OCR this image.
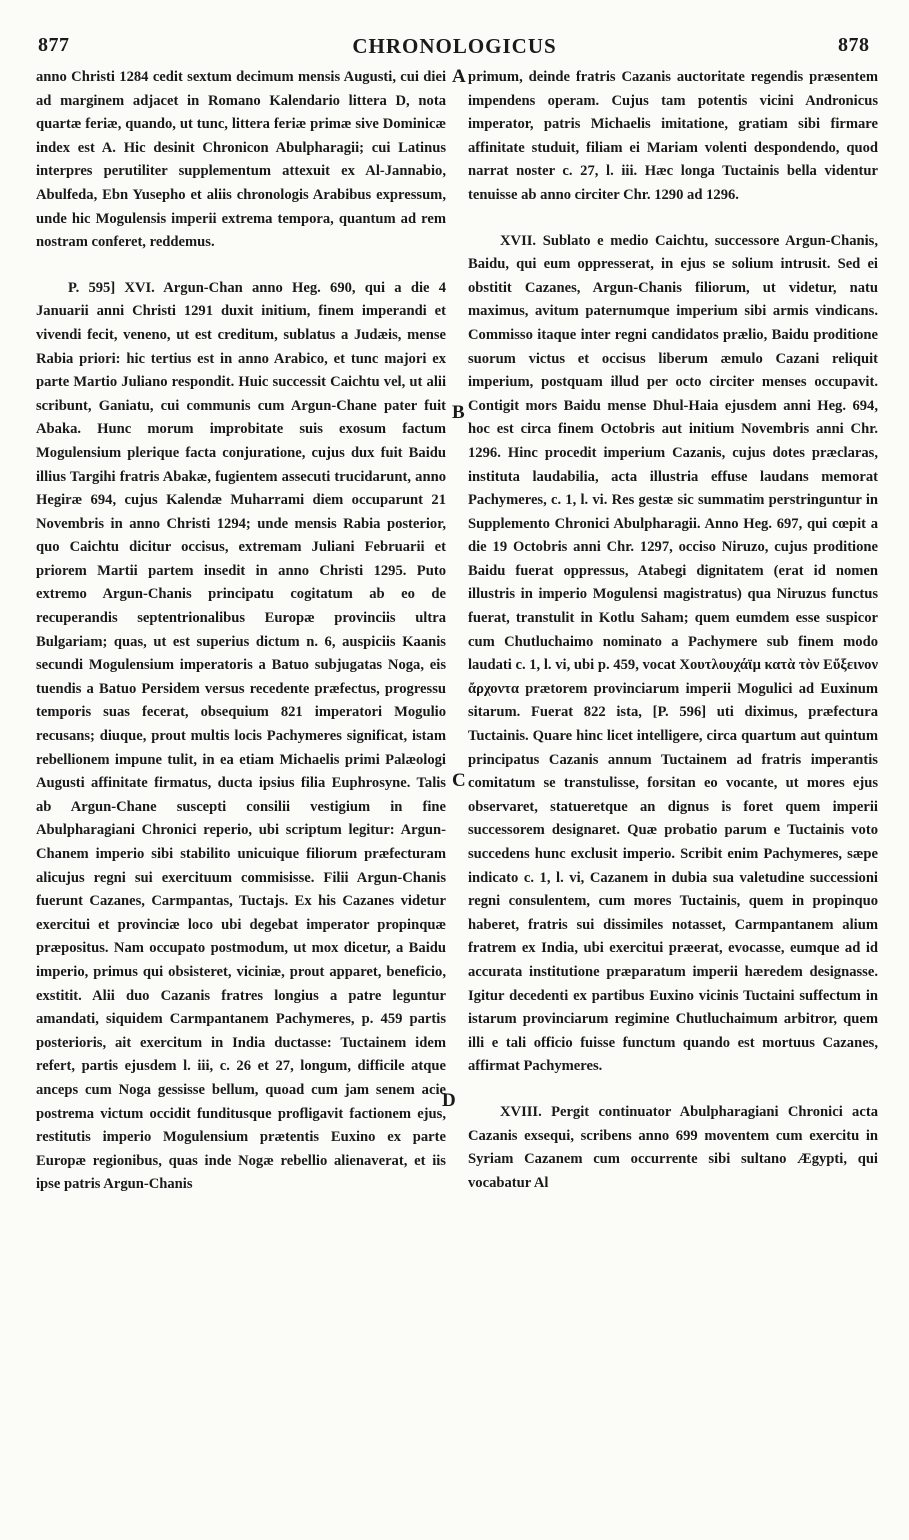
877	CHRONOLOGICUS	878

anno Christi 1284 cedit sextum decimum mensis Augusti, cui diei ad marginem adjacet in Romano Kalendario littera D, nota quartæ feriæ, quando, ut tunc, littera feriæ primæ sive Dominicæ index est A. Hic desinit Chronicon Abulpharagii; cui Latinus interpres perutiliter supplementum attexuit ex Al-Jannabio, Abulfeda, Ebn Yusepho et aliis chronologis Arabibus expressum, unde hic Mogulensis imperii extrema tempora, quantum ad rem nostram conferet, reddemus.

P. 595] XVI. Argun-Chan anno Heg. 690, qui a die 4 Januarii anni Christi 1291 duxit initium, finem imperandi et vivendi fecit, veneno, ut est creditum, sublatus a Judæis, mense Rabia priori: hic tertius est in anno Arabico, et tunc majori ex parte Martio Juliano respondit. Huic successit Caichtu vel, ut alii scribunt, Ganiatu, cui communis cum Argun-Chane pater fuit Abaka. Hunc morum improbitate suis exosum factum Mogulensium plerique facta conjuratione, cujus dux fuit Baidu illius Targihi fratris Abakæ, fugientem assecuti trucidarunt, anno Hegiræ 694, cujus Kalendæ Muharrami diem occuparunt 21 Novembris in anno Christi 1294; unde mensis Rabia posterior, quo Caichtu dicitur occisus, extremam Juliani Februarii et priorem Martii partem insedit in anno Christi 1295. Puto extremo Argun-Chanis principatu cogitatum ab eo de recuperandis septentrionalibus Europæ provinciis ultra Bulgariam; quas, ut est superius dictum n. 6, auspiciis Kaanis secundi Mogulensium imperatoris a Batuo subjugatas Noga, eis tuendis a Batuo Persidem versus recedente præfectus, progressu temporis suas fecerat, obsequium 821 imperatori Mogulio recusans; diuque, prout multis locis Pachymeres significat, istam rebellionem impune tulit, in ea etiam Michaelis primi Palæologi Augusti affinitate firmatus, ducta ipsius filia Euphrosyne. Talis ab Argun-Chane suscepti consilii vestigium in fine Abulpharagiani Chronici reperio, ubi scriptum legitur: Argun-Chanem imperio sibi stabilito unicuique filiorum præfecturam alicujus regni sui exercituum commisisse. Filii Argun-Chanis fuerunt Cazanes, Carmpantas, Tuctajs. Ex his Cazanes videtur exercitui et provinciæ loco ubi degebat imperator propinquæ præpositus. Nam occupato postmodum, ut mox dicetur, a Baidu imperio, primus qui obsisteret, viciniæ, prout apparet, beneficio, exstitit. Alii duo Cazanis fratres longius a patre leguntur amandati, siquidem Carmpantanem Pachymeres, p. 459 partis posterioris, ait exercitum in India ductasse: Tuctainem idem refert, partis ejusdem l. iii, c. 26 et 27, longum, difficile atque anceps cum Noga gessisse bellum, quoad cum jam senem acie postrema victum occidit funditusque profligavit factionem ejus, restitutis imperio Mogulensium prætentis Euxino ex parte Europæ regionibus, quas inde Nogæ rebellio alienaverat, et iis ipse patris Argun-Chanis

primum, deinde fratris Cazanis auctoritate regendis præsentem impendens operam. Cujus tam potentis vicini Andronicus imperator, patris Michaelis imitatione, gratiam sibi firmare affinitate studuit, filiam ei Mariam volenti despondendo, quod narrat noster c. 27, l. iii. Hæc longa Tuctainis bella videntur tenuisse ab anno circiter Chr. 1290 ad 1296.

XVII. Sublato e medio Caichtu, successore Argun-Chanis, Baidu, qui eum oppresserat, in ejus se solium intrusit. Sed ei obstitit Cazanes, Argun-Chanis filiorum, ut videtur, natu maximus, avitum paternumque imperium sibi armis vindicans. Commisso itaque inter regni candidatos prælio, Baidu proditione suorum victus et occisus liberum æmulo Cazani reliquit imperium, postquam illud per octo circiter menses occupavit. Contigit mors Baidu mense Dhul-Haia ejusdem anni Heg. 694, hoc est circa finem Octobris aut initium Novembris anni Chr. 1296. Hinc procedit imperium Cazanis, cujus dotes præclaras, instituta laudabilia, acta illustria effuse laudans memorat Pachymeres, c. 1, l. vi. Res gestæ sic summatim perstringuntur in Supplemento Chronici Abulpharagii. Anno Heg. 697, qui cœpit a die 19 Octobris anni Chr. 1297, occiso Niruzo, cujus proditione Baidu fuerat oppressus, Atabegi dignitatem (erat id nomen illustris in imperio Mogulensi magistratus) qua Niruzus functus fuerat, transtulit in Kotlu Saham; quem eumdem esse suspicor cum Chutluchaimo nominato a Pachymere sub finem modo laudati c. 1, l. vi, ubi p. 459, vocat Χουτλουχάϊμ κατὰ τὸν Εὔξεινον ἄρχοντα prætorem provinciarum imperii Mogulici ad Euxinum sitarum. Fuerat 822 ista, [P. 596] uti diximus, præfectura Tuctainis. Quare hinc licet intelligere, circa quartum aut quintum principatus Cazanis annum Tuctainem ad fratris imperantis comitatum se transtulisse, forsitan eo vocante, ut mores ejus observaret, statueretque an dignus is foret quem imperii successorem designaret. Quæ probatio parum e Tuctainis voto succedens hunc exclusit imperio. Scribit enim Pachymeres, sæpe indicato c. 1, l. vi, Cazanem in dubia sua valetudine successioni regni consulentem, cum mores Tuctainis, quem in propinquo haberet, fratris sui dissimiles notasset, Carmpantanem alium fratrem ex India, ubi exercitui præerat, evocasse, eumque ad id accurata institutione præparatum imperii hæredem designasse. Igitur decedenti ex partibus Euxino vicinis Tuctaini suffectum in istarum provinciarum regimine Chutluchaimum arbitror, quem illi e tali officio fuisse functum quando est mortuus Cazanes, affirmat Pachymeres.

XVIII. Pergit continuator Abulpharagiani Chronici acta Cazanis exsequi, scribens anno 699 moventem cum exercitu in Syriam Cazanem cum occurrente sibi sultano Ægypti, qui vocabatur Al

A
B
C
D
